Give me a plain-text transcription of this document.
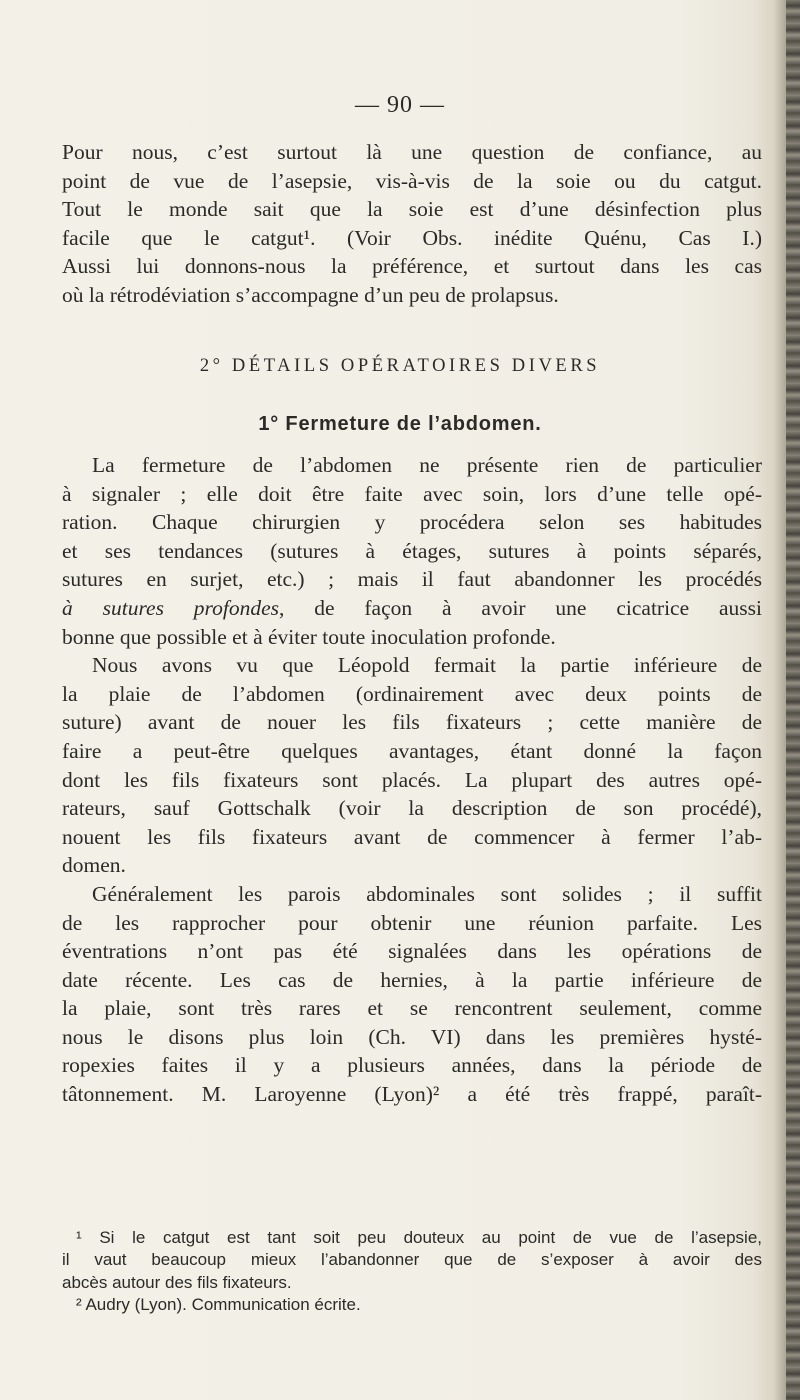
— 90 —
Pour nous, c’est surtout là une question de confiance, au
point de vue de l’asepsie, vis-à-vis de la soie ou du catgut.
Tout le monde sait que la soie est d’une désinfection plus
facile que le catgut¹. (Voir Obs. inédite Quénu, Cas I.)
Aussi lui donnons-nous la préférence, et surtout dans les cas
où la rétrodéviation s’accompagne d’un peu de prolapsus.
2° DÉTAILS OPÉRATOIRES DIVERS
1° Fermeture de l’abdomen.
La fermeture de l’abdomen ne présente rien de particulier
à signaler ; elle doit être faite avec soin, lors d’une telle opé-
ration. Chaque chirurgien y procédera selon ses habitudes
et ses tendances (sutures à étages, sutures à points séparés,
sutures en surjet, etc.) ; mais il faut abandonner les procédés
à sutures profondes, de façon à avoir une cicatrice aussi
bonne que possible et à éviter toute inoculation profonde.
Nous avons vu que Léopold fermait la partie inférieure de
la plaie de l’abdomen (ordinairement avec deux points de
suture) avant de nouer les fils fixateurs ; cette manière de
faire a peut-être quelques avantages, étant donné la façon
dont les fils fixateurs sont placés. La plupart des autres opé-
rateurs, sauf Gottschalk (voir la description de son procédé),
nouent les fils fixateurs avant de commencer à fermer l’ab-
domen.
Généralement les parois abdominales sont solides ; il suffit
de les rapprocher pour obtenir une réunion parfaite. Les
éventrations n’ont pas été signalées dans les opérations de
date récente. Les cas de hernies, à la partie inférieure de
la plaie, sont très rares et se rencontrent seulement, comme
nous le disons plus loin (Ch. VI) dans les premières hysté-
ropexies faites il y a plusieurs années, dans la période de
tâtonnement. M. Laroyenne (Lyon)² a été très frappé, paraît-
¹ Si le catgut est tant soit peu douteux au point de vue de l’asepsie,
il vaut beaucoup mieux l’abandonner que de s’exposer à avoir des
abcès autour des fils fixateurs.
² Audry (Lyon). Communication écrite.
